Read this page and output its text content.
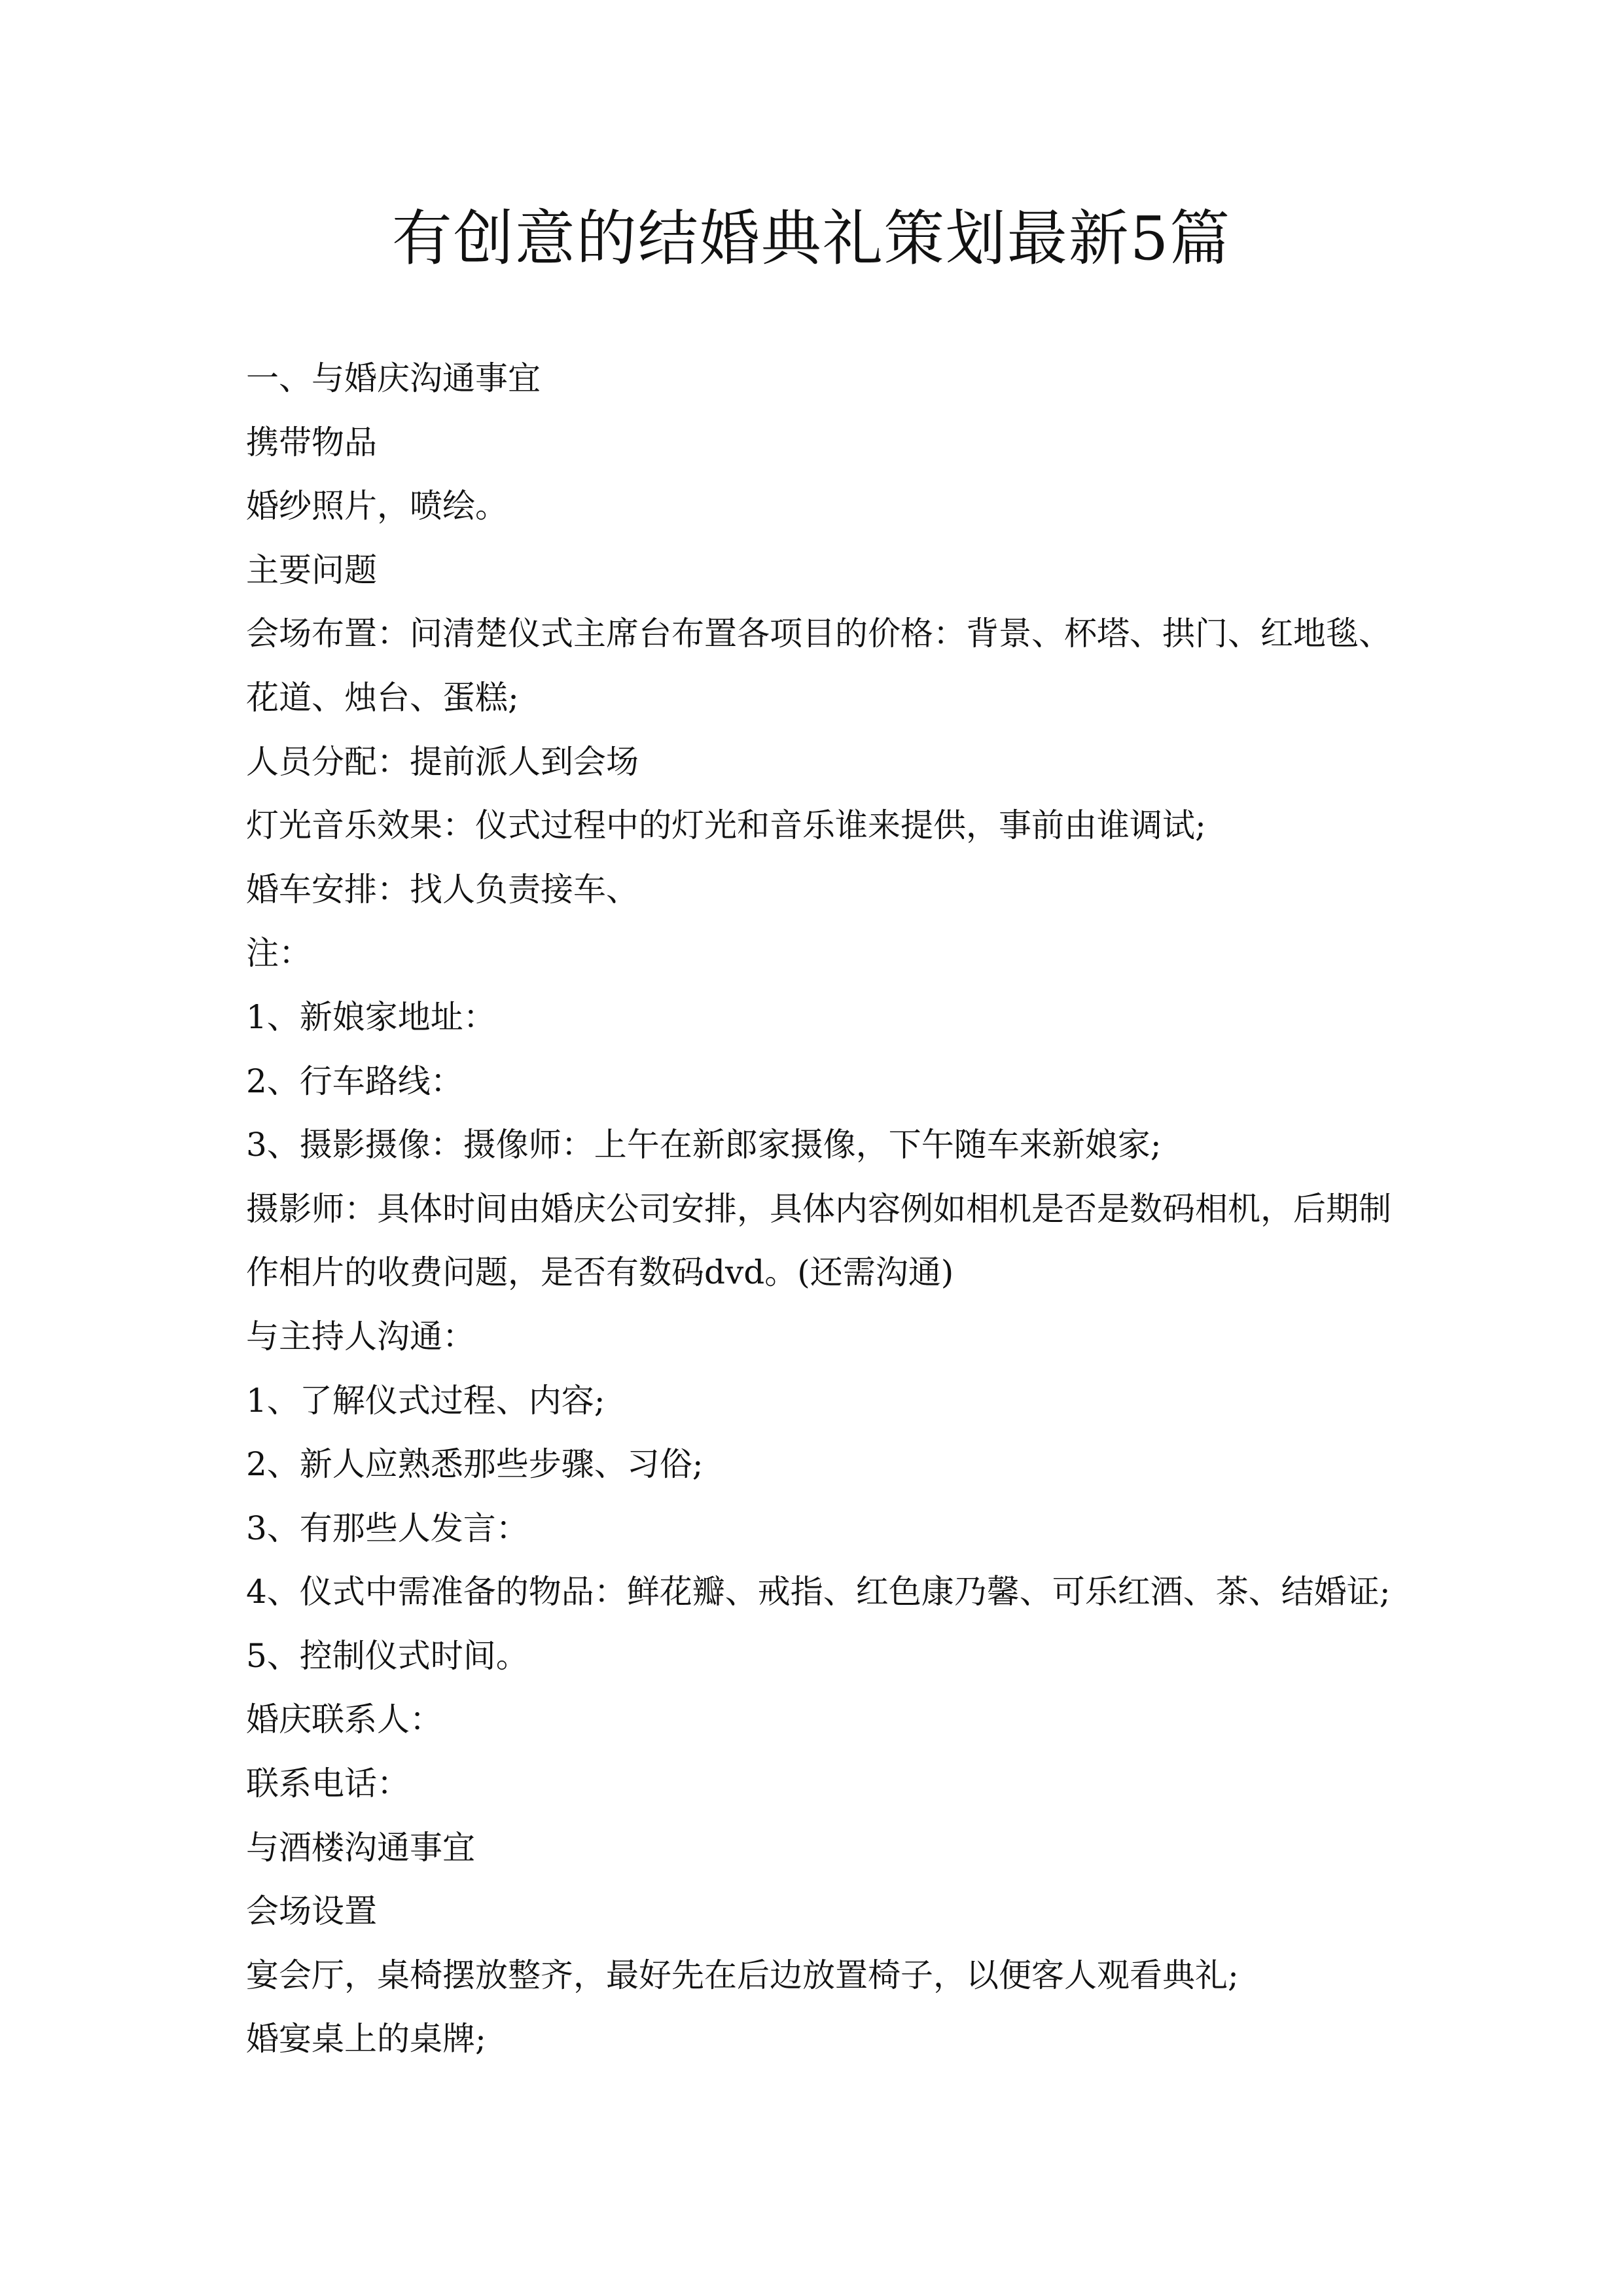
有创意的结婚典礼策划最新5篇

一、与婚庆沟通事宜

携带物品

婚纱照片，喷绘。

主要问题

会场布置：问清楚仪式主席台布置各项目的价格：背景、杯塔、拱门、红地毯、

花道、烛台、蛋糕;

人员分配：提前派人到会场

灯光音乐效果：仪式过程中的灯光和音乐谁来提供，事前由谁调试;

婚车安排：找人负责接车、

注：

1、新娘家地址：

2、行车路线：

3、摄影摄像：摄像师：上午在新郎家摄像，下午随车来新娘家;

摄影师：具体时间由婚庆公司安排，具体内容例如相机是否是数码相机，后期制

作相片的收费问题，是否有数码dvd。(还需沟通)

与主持人沟通：

1、了解仪式过程、内容;

2、新人应熟悉那些步骤、习俗;

3、有那些人发言：

4、仪式中需准备的物品：鲜花瓣、戒指、红色康乃馨、可乐红酒、茶、结婚证;

5、控制仪式时间。

婚庆联系人：

联系电话：

与酒楼沟通事宜

会场设置

宴会厅，桌椅摆放整齐，最好先在后边放置椅子，以便客人观看典礼;

婚宴桌上的桌牌;
